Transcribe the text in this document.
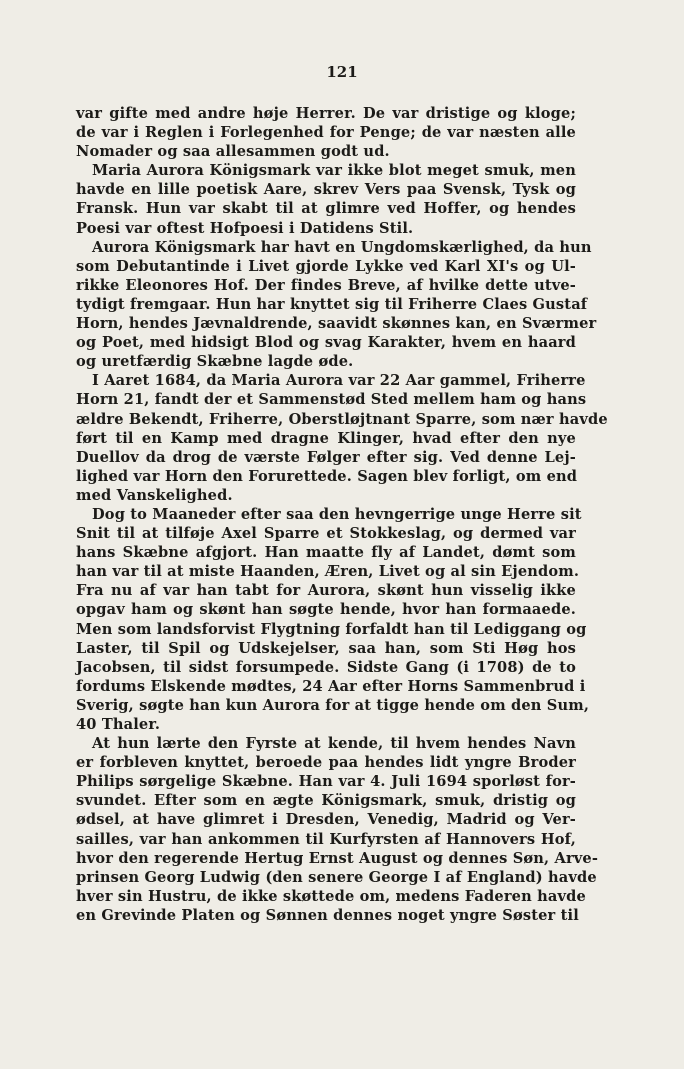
121
var gifte med andre høje Herrer. De var dristige og kloge;
de var i Reglen i Forlegenhed for Penge; de var næsten alle
Nomader og saa allesammen godt ud.
Maria Aurora Königsmark var ikke blot meget smuk, men
havde en lille poetisk Aare, skrev Vers paa Svensk, Tysk og
Fransk. Hun var skabt til at glimre ved Hoffer, og hendes
Poesi var oftest Hofpoesi i Datidens Stil.
Aurora Königsmark har havt en Ungdomskærlighed, da hun
som Debutantinde i Livet gjorde Lykke ved Karl XI's og Ul-
rikke Eleonores Hof. Der findes Breve, af hvilke dette utve-
tydigt fremgaar. Hun har knyttet sig til Friherre Claes Gustaf
Horn, hendes Jævnaldrende, saavidt skønnes kan, en Sværmer
og Poet, med hidsigt Blod og svag Karakter, hvem en haard
og uretfærdig Skæbne lagde øde.
I Aaret 1684, da Maria Aurora var 22 Aar gammel, Friherre
Horn 21, fandt der et Sammenstød Sted mellem ham og hans
ældre Bekendt, Friherre, Oberstløjtnant Sparre, som nær havde
ført til en Kamp med dragne Klinger, hvad efter den nye
Duellov da drog de værste Følger efter sig. Ved denne Lej-
lighed var Horn den Forurettede. Sagen blev forligt, om end
med Vanskelighed.
Dog to Maaneder efter saa den hevngerrige unge Herre sit
Snit til at tilføje Axel Sparre et Stokkeslag, og dermed var
hans Skæbne afgjort. Han maatte fly af Landet, dømt som
han var til at miste Haanden, Æren, Livet og al sin Ejendom.
Fra nu af var han tabt for Aurora, skønt hun visselig ikke
opgav ham og skønt han søgte hende, hvor han formaaede.
Men som landsforvist Flygtning forfaldt han til Lediggang og
Laster, til Spil og Udskejelser, saa han, som Sti Høg hos
Jacobsen, til sidst forsumpede. Sidste Gang (i 1708) de to
fordums Elskende mødtes, 24 Aar efter Horns Sammenbrud i
Sverig, søgte han kun Aurora for at tigge hende om den Sum,
40 Thaler.
At hun lærte den Fyrste at kende, til hvem hendes Navn
er forbleven knyttet, beroede paa hendes lidt yngre Broder
Philips sørgelige Skæbne. Han var 4. Juli 1694 sporløst for-
svundet. Efter som en ægte Königsmark, smuk, dristig og
ødsel, at have glimret i Dresden, Venedig, Madrid og Ver-
sailles, var han ankommen til Kurfyrsten af Hannovers Hof,
hvor den regerende Hertug Ernst August og dennes Søn, Arve-
prinsen Georg Ludwig (den senere George I af England) havde
hver sin Hustru, de ikke skøttede om, medens Faderen havde
en Grevinde Platen og Sønnen dennes noget yngre Søster til
